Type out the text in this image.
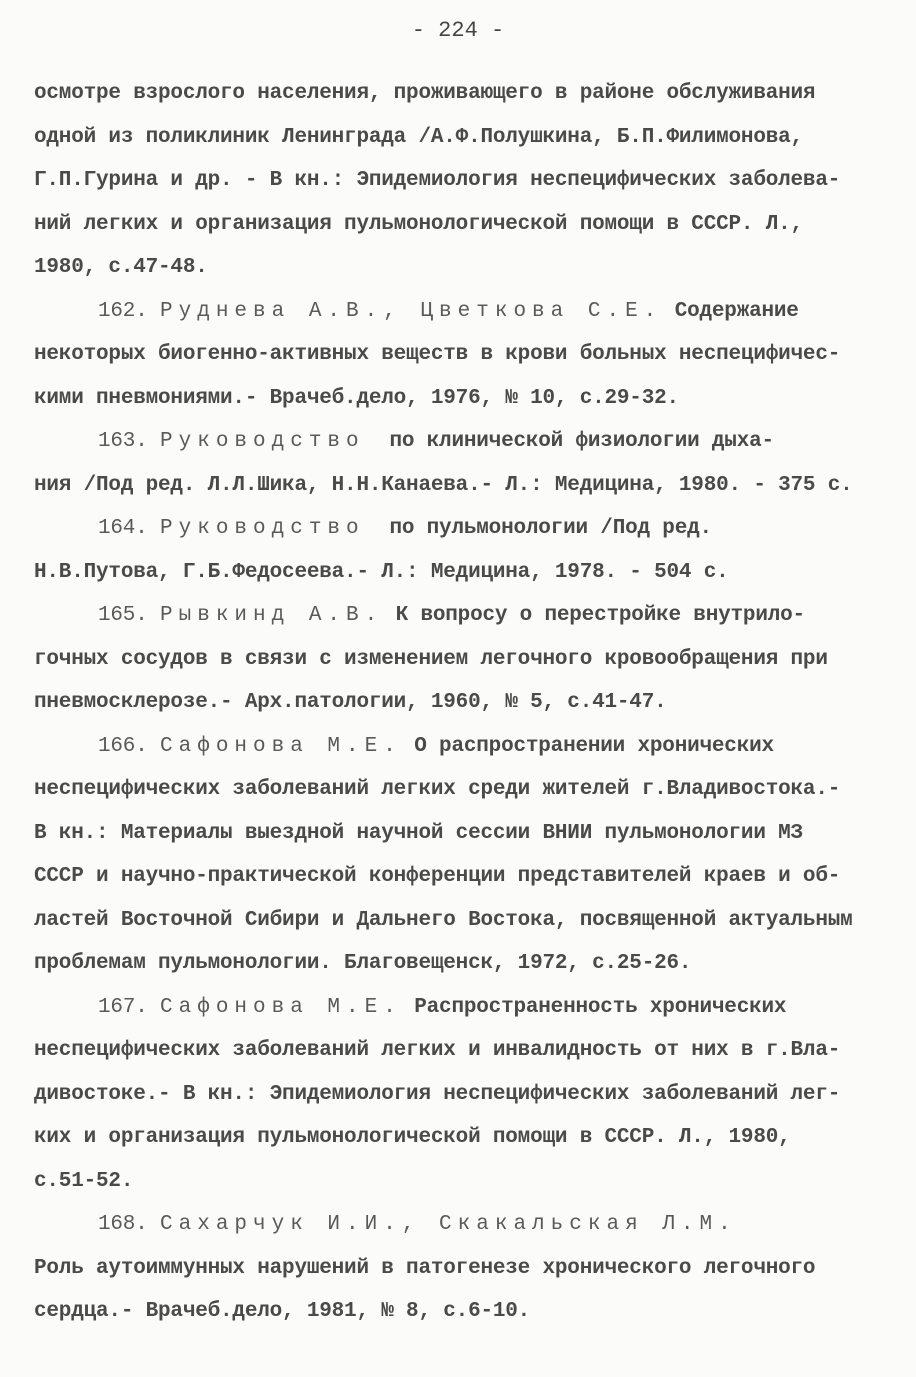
- 224 -
осмотре взрослого населения, проживающего в районе обслуживания
одной из поликлиник Ленинграда /А.Ф.Полушкина, Б.П.Филимонова,
Г.П.Гурина и др. - В кн.: Эпидемиология неспецифических заболева-
ний легких и организация пульмонологической помощи в СССР. Л.,
1980, с.47-48.
162. Руднева А.В., Цветкова С.Е. Содержание
некоторых биогенно-активных веществ в крови больных неспецифичес-
кими пневмониями.- Врачеб.дело, 1976, № 10, с.29-32.
163. Руководство по клинической физиологии дыха-
ния /Под ред. Л.Л.Шика, Н.Н.Канаева.- Л.: Медицина, 1980. - 375 с.
164. Руководство по пульмонологии /Под ред.
Н.В.Путова, Г.Б.Федосеева.- Л.: Медицина, 1978. - 504 с.
165. Рывкинд А.В. К вопросу о перестройке внутрило-
гочных сосудов в связи с изменением легочного кровообращения при
пневмосклерозе.- Арх.патологии, 1960, № 5, с.41-47.
166. Сафонова М.Е. О распространении хронических
неспецифических заболеваний легких среди жителей г.Владивостока.-
В кн.: Материалы выездной научной сессии ВНИИ пульмонологии МЗ
СССР и научно-практической конференции представителей краев и об-
ластей Восточной Сибири и Дальнего Востока, посвященной актуальным
проблемам пульмонологии. Благовещенск, 1972, с.25-26.
167. Сафонова М.Е. Распространенность хронических
неспецифических заболеваний легких и инвалидность от них в г.Вла-
дивостоке.- В кн.: Эпидемиология неспецифических заболеваний лег-
ких и организация пульмонологической помощи в СССР. Л., 1980,
с.51-52.
168. Сахарчук И.И., Скакальская Л.М.
Роль аутоиммунных нарушений в патогенезе хронического легочного
сердца.- Врачеб.дело, 1981, № 8, с.6-10.
